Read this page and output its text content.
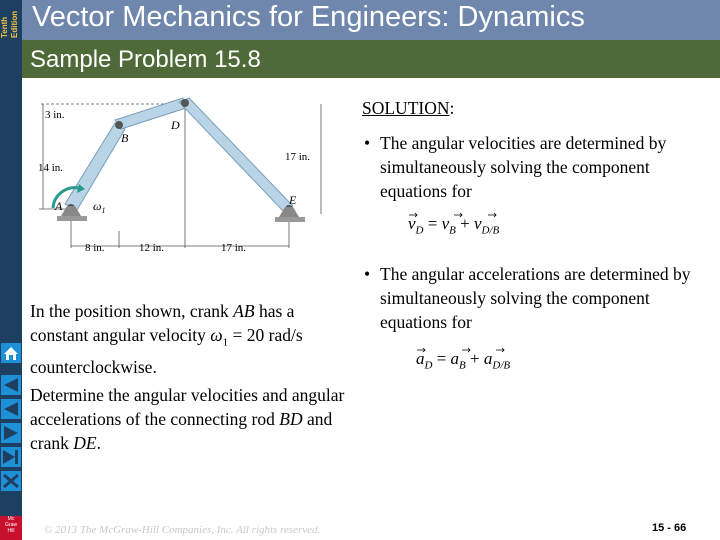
Tenth Edition Vector Mechanics for Engineers: Dynamics
Sample Problem 15.8
3 in.
14 in.
17 in.
8 in.	12 in.	17 in.
A
B
D
E
$\omega_1$
In the position shown, crank AB has a constant angular velocity $\omega_1 = 20$ rad/s counterclockwise.
Determine the angular velocities and angular accelerations of the connecting rod BD and crank DE.
SOLUTION:
• The angular velocities are determined by simultaneously solving the component equations for
$v_D = v_B + v_{D/B}$
• The angular accelerations are determined by simultaneously solving the component equations for
$a_D = a_B + a_{D/B}$
© 2013 The McGraw-Hill Companies, Inc. All rights reserved.	15 - 66
Mc
Graw
Hill
